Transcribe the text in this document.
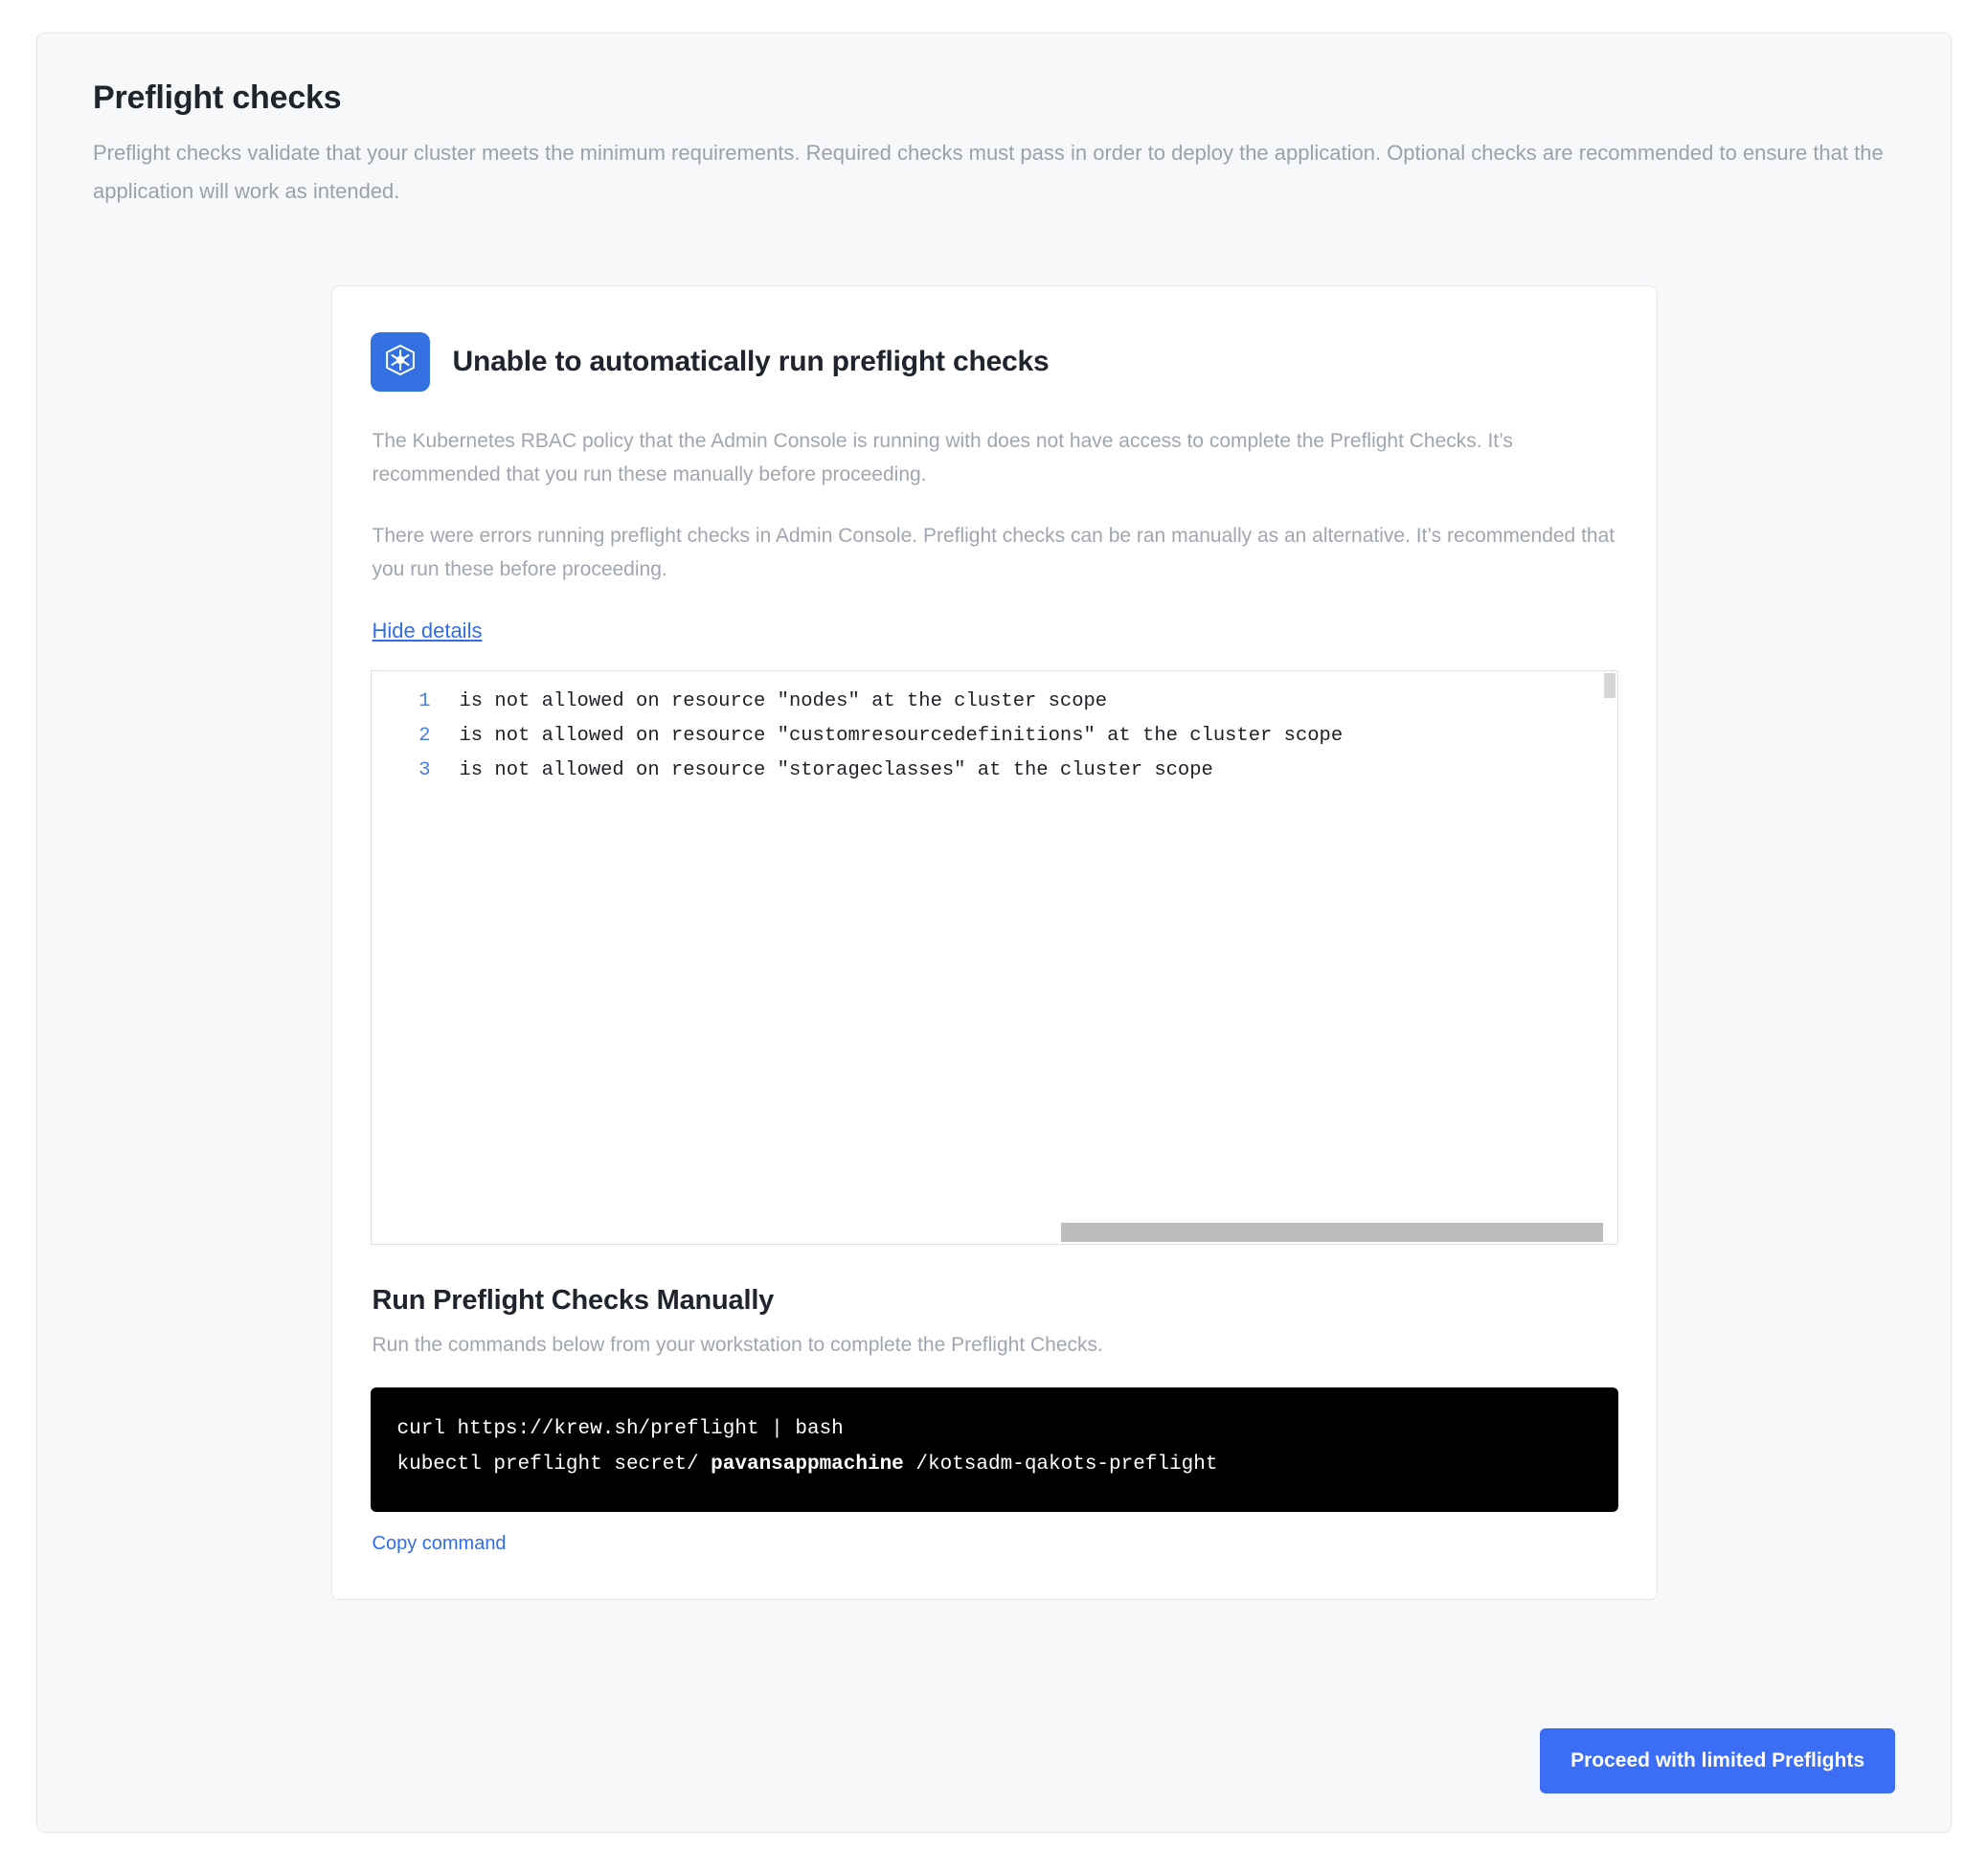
Preflight checks

Preflight checks validate that your cluster meets the minimum requirements. Required checks must pass in order to deploy the application. Optional checks are recommended to ensure that the application will work as intended.

Unable to automatically run preflight checks

The Kubernetes RBAC policy that the Admin Console is running with does not have access to complete the Preflight Checks. It’s recommended that you run these manually before proceeding.

There were errors running preflight checks in Admin Console. Preflight checks can be ran manually as an alternative. It’s recommended that you run these before proceeding.

Hide details
1	is not allowed on resource "nodes" at the cluster scope
2	is not allowed on resource "customresourcedefinitions" at the cluster scope
3	is not allowed on resource "storageclasses" at the cluster scope
Run Preflight Checks Manually

Run the commands below from your workstation to complete the Preflight Checks.

curl https://krew.sh/preflight | bash
kubectl preflight secret/ pavansappmachine /kotsadm-qakots-preflight
Copy command
Proceed with limited Preflights
